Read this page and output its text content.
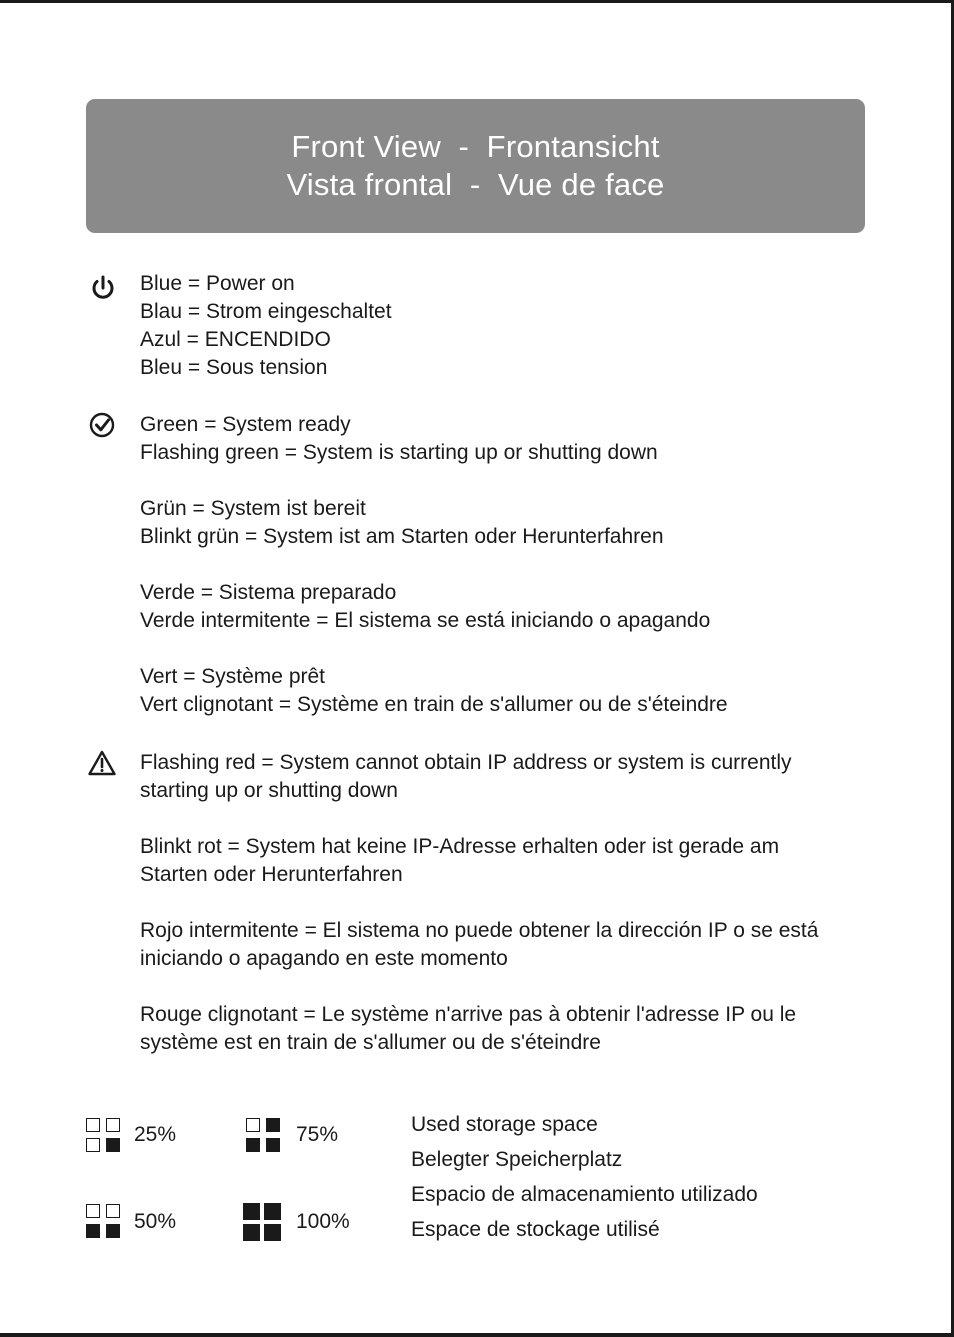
Front View  -  Frontansicht
Vista frontal  -  Vue de face
Blue = Power on
Blau = Strom eingeschaltet
Azul = ENCENDIDO
Bleu = Sous tension
Green = System ready
Flashing green = System is starting up or shutting down
Grün = System ist bereit
Blinkt grün = System ist am Starten oder Herunterfahren
Verde = Sistema preparado
Verde intermitente = El sistema se está iniciando o apagando
Vert = Système prêt
Vert clignotant = Système en train de s'allumer ou de s'éteindre
Flashing red = System cannot obtain IP address or system is currently
starting up or shutting down
Blinkt rot = System hat keine IP-Adresse erhalten oder ist gerade am
Starten oder Herunterfahren
Rojo intermitente = El sistema no puede obtener la dirección IP o se está
iniciando o apagando en este momento
Rouge clignotant = Le système n'arrive pas à obtenir l'adresse IP ou le
système est en train de s'allumer ou de s'éteindre
25%
50%
75%
100%
Used storage space
Belegter Speicherplatz
Espacio de almacenamiento utilizado
Espace de stockage utilisé
